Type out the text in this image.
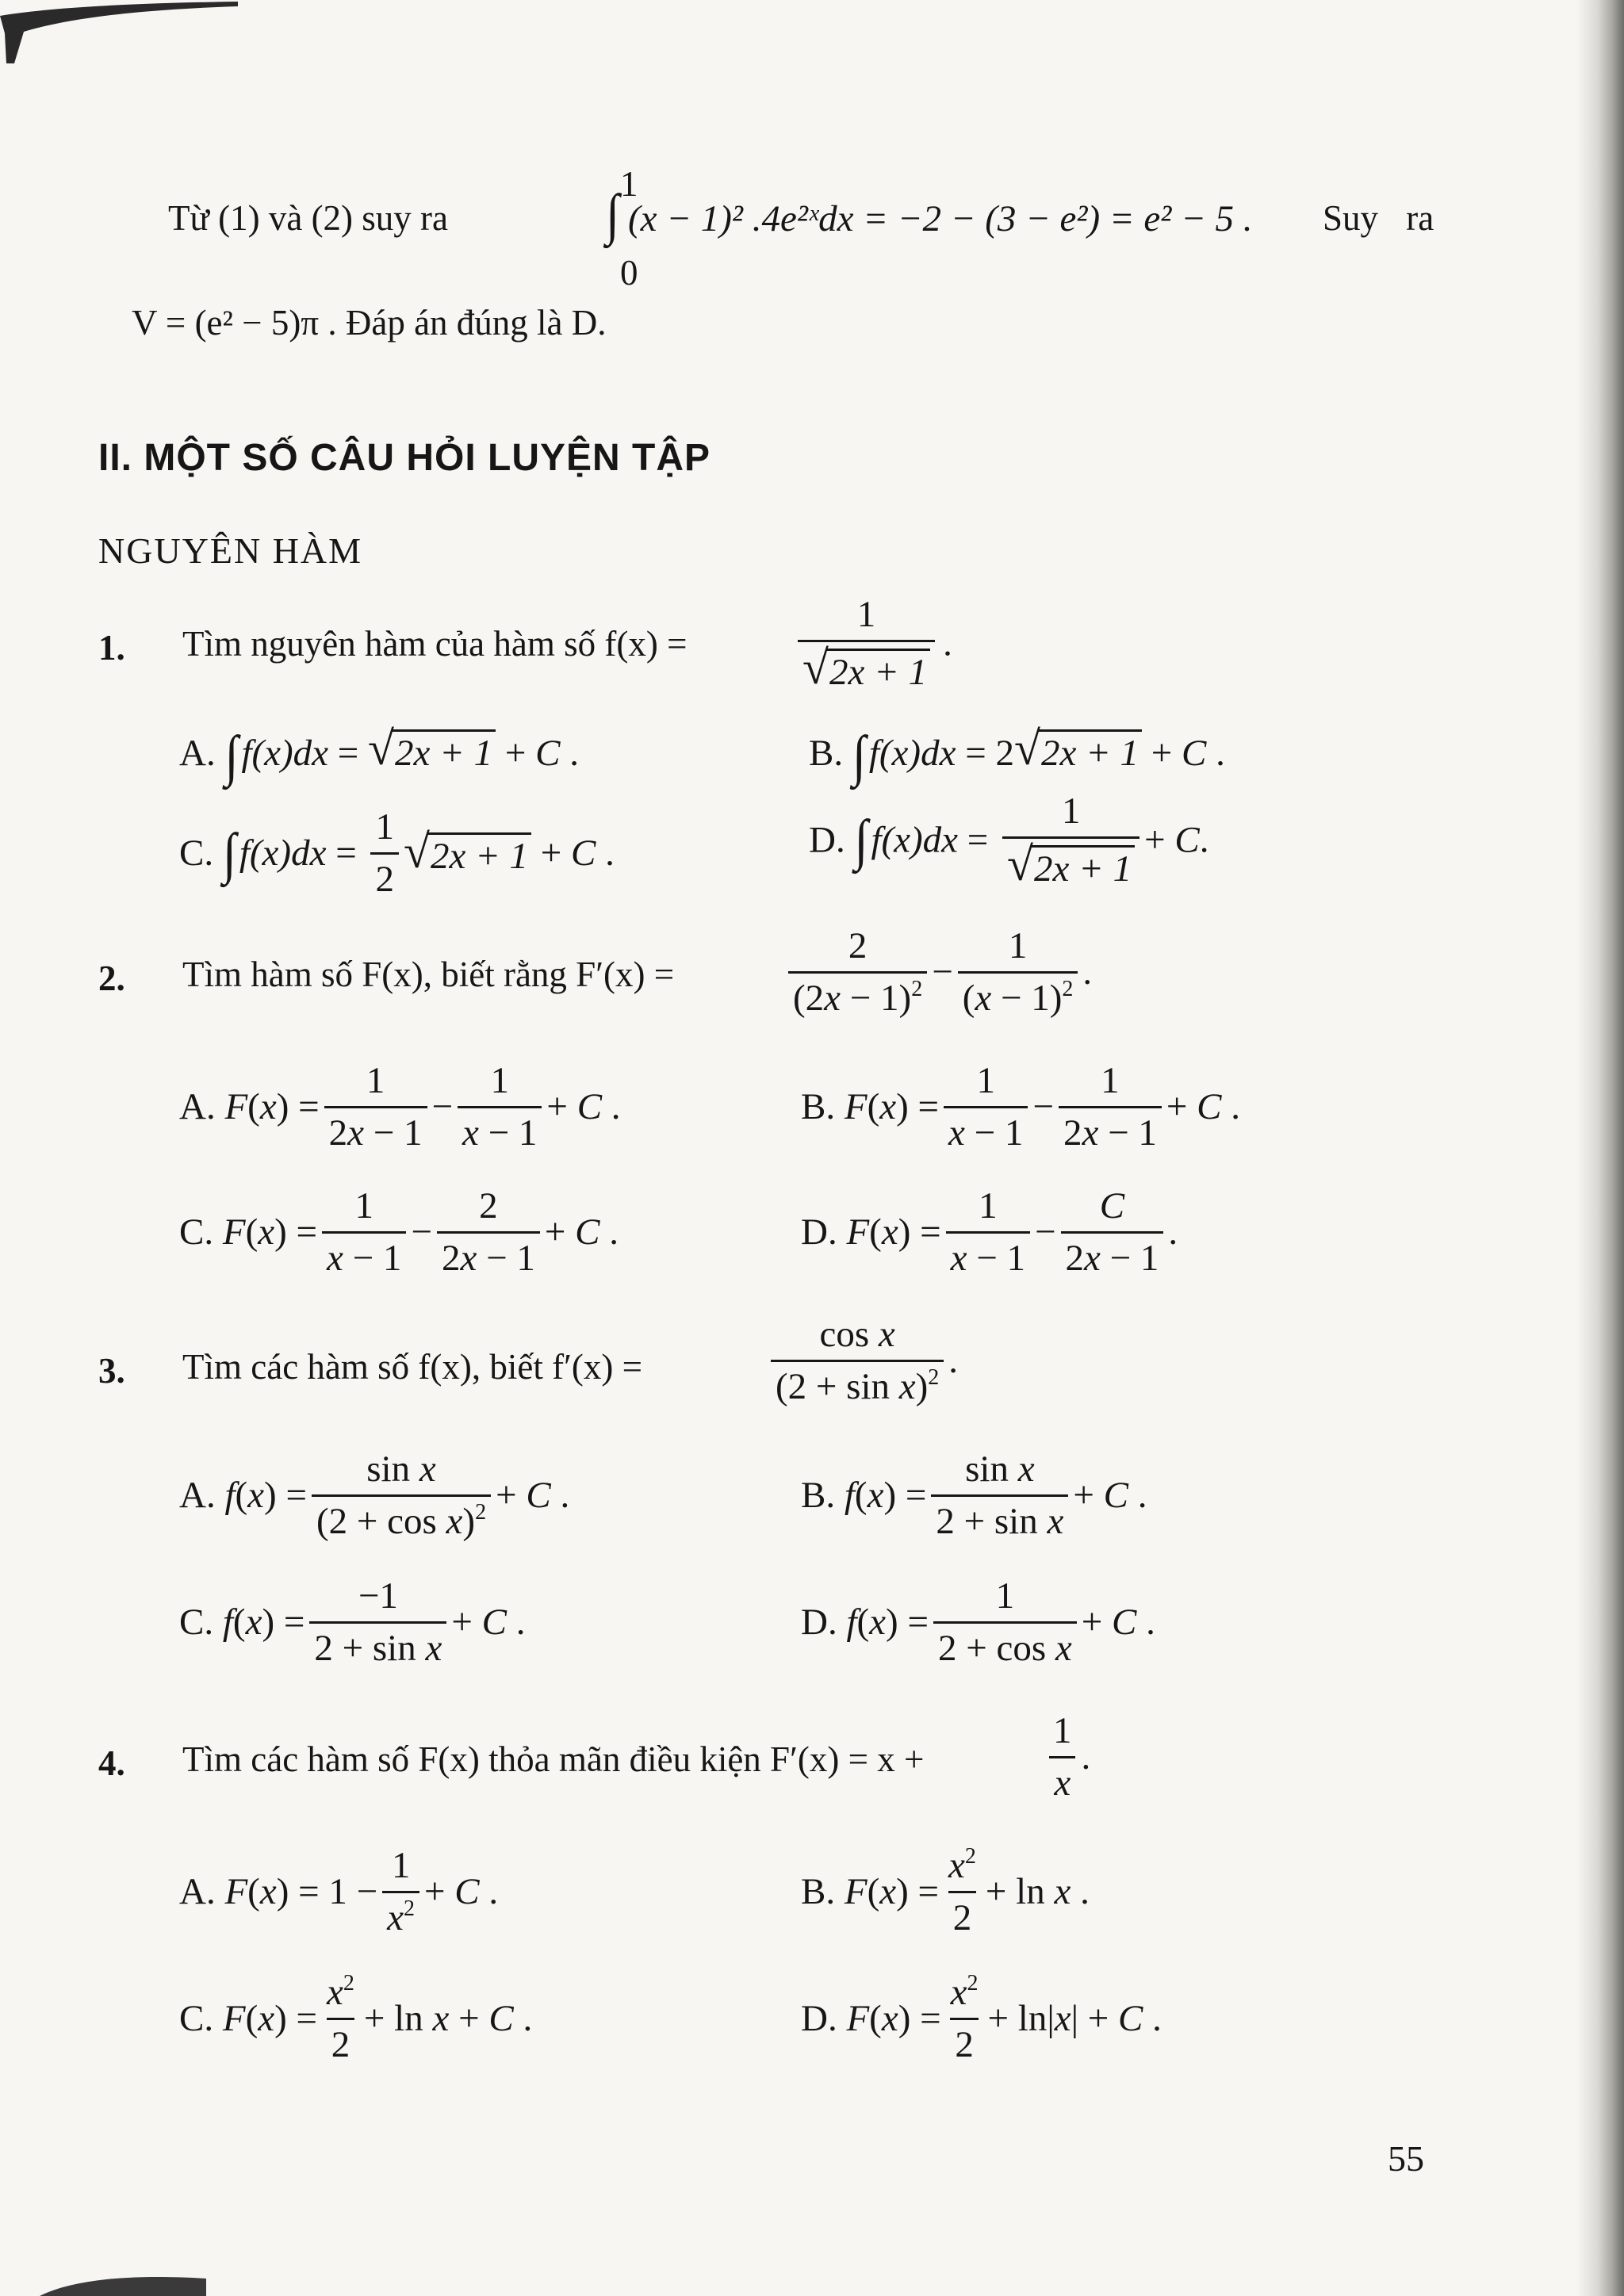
Từ (1) và (2) suy ra
1
∫
0
(x − 1)² .4e²ˣdx = −2 − (3 − e²) = e² − 5 . Suy ra
V = (e² − 5)π . Đáp án đúng là D.
II. MỘT SỐ CÂU HỎI LUYỆN TẬP
NGUYÊN HÀM
1. Tìm nguyên hàm của hàm số f(x) =	$\frac{1}{√ 2x + 1}$ .
A. ∫f(x)dx = √ 2x + 1 + C .	B. ∫f(x)dx = 2 √ 2x + 1 + C .
C. $\int f(x)dx = \frac{1}{2}$ √ 2x + 1 + C .	D. $\int f(x)dx = \frac{1}{√ 2x + 1} + C$.
2. Tìm hàm số F(x), biết rằng F′(x) =	$\frac{2}{(2x - 1)^2} - \frac{1}{(x - 1)^2}$ .
A. $F(x) = \frac{1}{2x - 1} - \frac{1}{x - 1} + C$ .	B. $F(x) = \frac{1}{x - 1} - \frac{1}{2x - 1} + C$ .
C. $F(x) = \frac{1}{x - 1} - \frac{2}{2x - 1} + C$ .	D. $F(x) = \frac{1}{x - 1} - \frac{C}{2x - 1}$ .
3. Tìm các hàm số f(x), biết f′(x) =	$\frac{\text{cos x}}{(2 + \sin x)^2}$ .
A. $f(x) = \frac{\text{sin x}}{(2 + \cos x)^2} + C$ .	B. $f(x) = \frac{\text{sin x}}{\text{2 + sin x}} + C$ .
C. $f(x) = \frac{-1}{\text{2 + sin x}} + C$ .	D. $f(x) = \frac{1}{\text{2 + cos x}} + C$ .
4. Tìm các hàm số F(x) thỏa mãn điều kiện F′(x) = x +	$\frac{1}{x}$ .
A. $F(x) = 1 - \frac{1}{x^2} + C$ .	B. $F(x) = \frac{x^2}{2} + \ln x$ .
C. $F(x) = \frac{x^2}{2} + \ln x + C$ .	D. $F(x) = \frac{x^2}{2} + \ln|x| + C$ .
55
